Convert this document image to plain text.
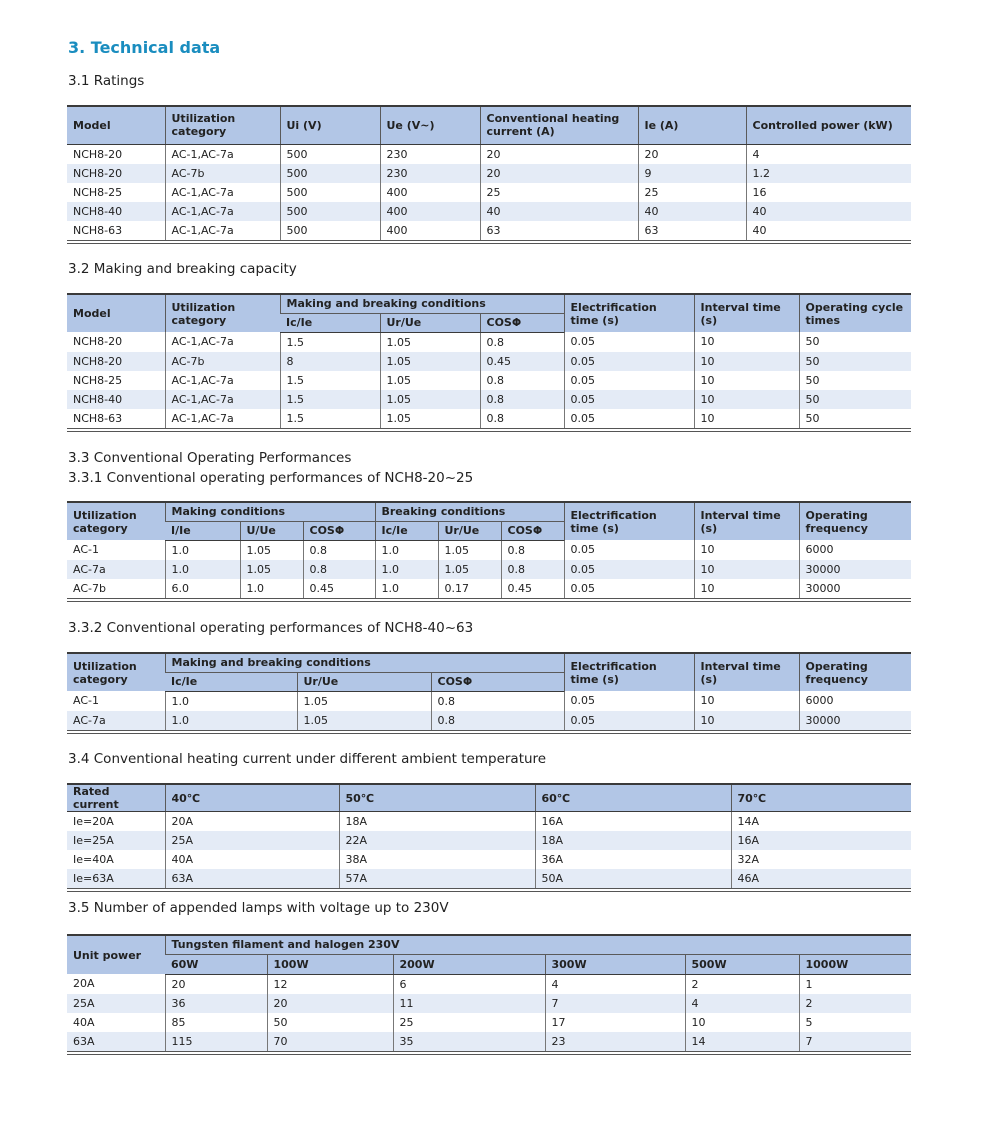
3. Technical data
3.1 Ratings
Model	Utilization category	Ui (V)	Ue (V~)	Conventional heating current (A)	Ie (A)	Controlled power (kW)
NCH8-20	AC-1,AC-7a	500	230	20	20	4
NCH8-20	AC-7b	500	230	20	9	1.2
NCH8-25	AC-1,AC-7a	500	400	25	25	16
NCH8-40	AC-1,AC-7a	500	400	40	40	40
NCH8-63	AC-1,AC-7a	500	400	63	63	40
3.2 Making and breaking capacity
Model	Utilization category	Making and breaking conditions			Electrification time (s)	Interval time (s)	Operating cycle times
		Ic/Ie	Ur/Ue	COSΦ			
NCH8-20	AC-1,AC-7a	1.5	1.05	0.8	0.05	10	50
NCH8-20	AC-7b	8	1.05	0.45	0.05	10	50
NCH8-25	AC-1,AC-7a	1.5	1.05	0.8	0.05	10	50
NCH8-40	AC-1,AC-7a	1.5	1.05	0.8	0.05	10	50
NCH8-63	AC-1,AC-7a	1.5	1.05	0.8	0.05	10	50
3.3 Conventional Operating Performances
3.3.1 Conventional operating performances of NCH8-20~25
Utilization category	Making conditions			Breaking conditions			Electrification time (s)	Interval time (s)	Operating frequency
	I/Ie	U/Ue	COSΦ	Ic/Ie	Ur/Ue	COSΦ			
AC-1	1.0	1.05	0.8	1.0	1.05	0.8	0.05	10	6000
AC-7a	1.0	1.05	0.8	1.0	1.05	0.8	0.05	10	30000
AC-7b	6.0	1.0	0.45	1.0	0.17	0.45	0.05	10	30000
3.3.2 Conventional operating performances of NCH8-40~63
Utilization category	Making and breaking conditions			Electrification time (s)	Interval time (s)	Operating frequency
	Ic/Ie	Ur/Ue	COSΦ			
AC-1	1.0	1.05	0.8	0.05	10	6000
AC-7a	1.0	1.05	0.8	0.05	10	30000
3.4 Conventional heating current under different ambient temperature
Rated current	40℃	50℃	60℃	70℃
Ie=20A	20A	18A	16A	14A
Ie=25A	25A	22A	18A	16A
Ie=40A	40A	38A	36A	32A
Ie=63A	63A	57A	50A	46A
3.5 Number of appended lamps with voltage up to 230V
Unit power	Tungsten filament and halogen 230V					
	60W	100W	200W	300W	500W	1000W
20A	20	12	6	4	2	1
25A	36	20	11	7	4	2
40A	85	50	25	17	10	5
63A	115	70	35	23	14	7
